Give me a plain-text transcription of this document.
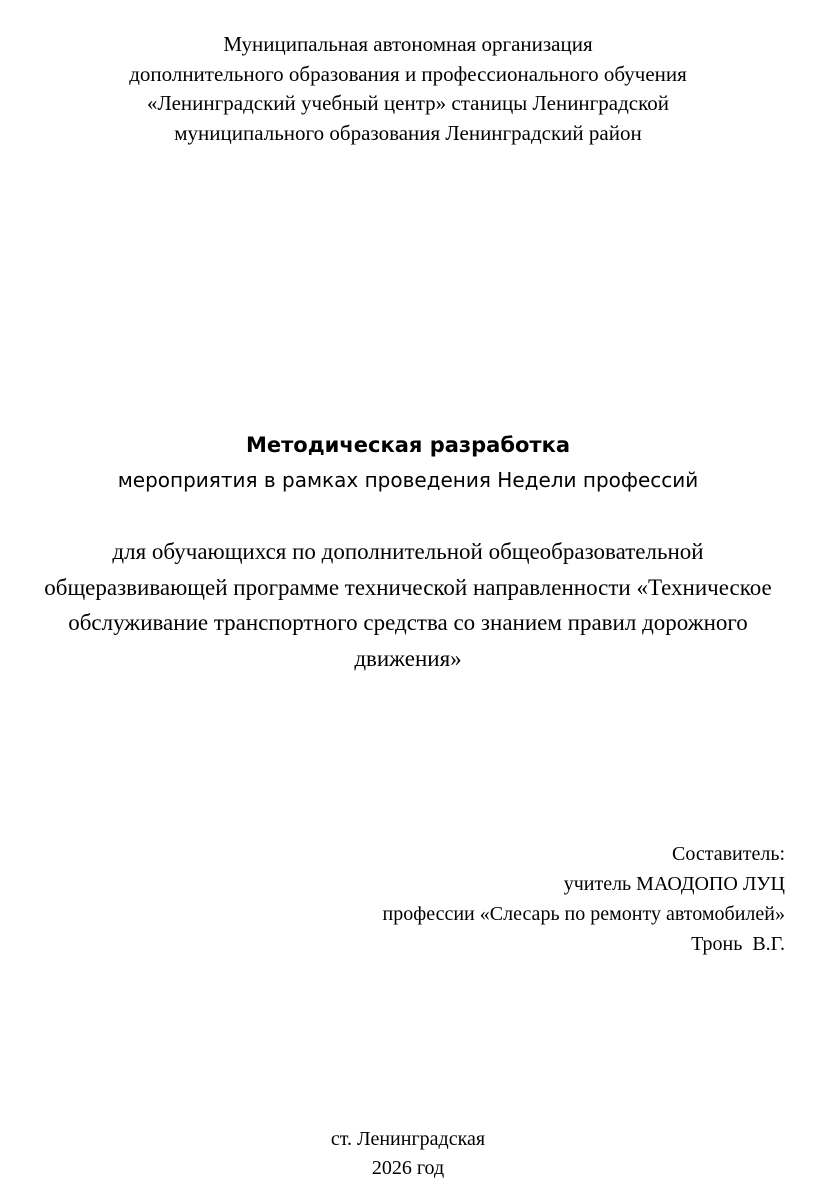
Муниципальная автономная организация
дополнительного образования и профессионального обучения
«Ленинградский учебный центр» станицы Ленинградской
муниципального образования Ленинградский район
Методическая разработка
мероприятия в рамках проведения Недели профессий
для обучающихся по дополнительной общеобразовательной
общеразвивающей программе технической направленности «Техническое
обслуживание транспортного средства со знанием правил дорожного
движения»
Составитель:
учитель МАОДОПО ЛУЦ
профессии «Слесарь по ремонту автомобилей»
Тронь  В.Г.
ст. Ленинградская
2026 год
